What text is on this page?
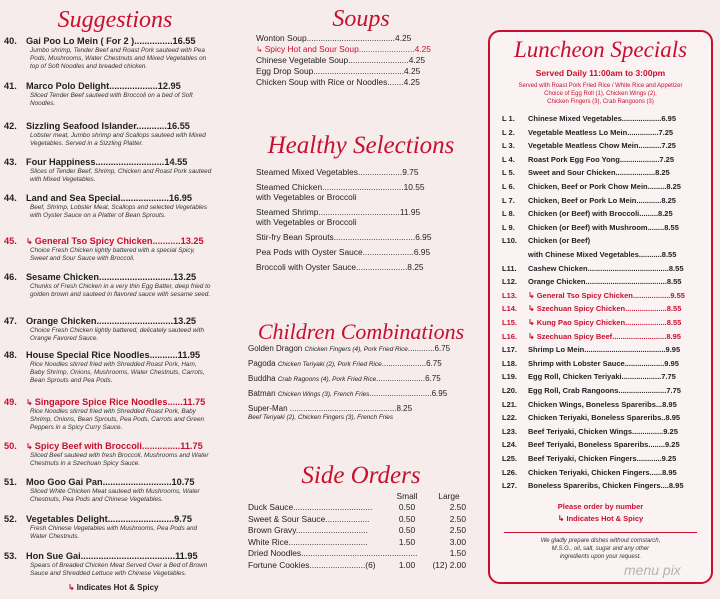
Suggestions
40. Gai Poo Lo Mein ( For 2 )...............16.55
Jumbo shrimp, Tender Beef and Roast Pork sauteed with Pea Pods, Mushrooms, Water Chestnuts and Mixed Vegetables on top of Soft Noodles and breaded chicken.
41. Marco Polo Delight...................12.95
Sliced Tender Beef sauteed with Broccoli on a bed of Soft Noodles.
42. Sizzling Seafood Islander............16.55
Lobster meat, Jumbo shrimp and Scallops sauteed with Mixed Vegetables. Served in a Sizzling Platter.
43. Four Happiness...........................14.55
Slices of Tender Beef, Shrimp, Chicken and Roast Pork sauteed with Mixed Vegetables.
44. Land and Sea Special...................16.95
Beef, Shrimp, Lobster Meat, Scallops and selected Vegetables with Oyster Sauce on a Platter of Bean Sprouts.
45. ↳ General Tso Spicy Chicken...........13.25
Choice Fresh Chicken lightly battered with a special Spicy, Sweet and Sour Sauce with Broccoli.
46. Sesame Chicken.............................13.25
Chunks of Fresh Chicken in a very thin Egg Batter, deep fried to golden brown and sauteed in flavored sauce with sesame seed.
47. Orange Chicken..............................13.25
Choice Fresh Chicken lightly battered, delicately sauteed with Orange Favored Sauce.
48. House Special Rice Noodles...........11.95
Rice Noodles stirred fried with Shredded Roast Pork, Ham, Baby Shrimp, Onions, Mushrooms, Water Chestnuts, Carrots, Bean Sprouts and Pea Pods.
49. ↳ Singapore Spice Rice Noodles......11.75
Rice Noodles stirred fried with Shredded Roast Pork, Baby Shrimp, Onions, Bean Sprouts, Pea Pods, Carrots and Green Peppers in a Spicy Curry Sauce.
50. ↳ Spicy Beef with Broccoli...............11.75
Sliced Beef sauteed with fresh Broccoli, Mushrooms and Water Chestnuts in a Szechuan Spicy Sauce.
51. Moo Goo Gai Pan...........................10.75
Sliced White Chicken Meat sauteed with Mushrooms, Water Chestnuts, Pea Pods and Chinese Vegetables.
52. Vegetables Delight..........................9.75
Fresh Chinese Vegetables with Mushrooms, Pea Pods and Water Chestnuts.
53. Hon Sue Gai.....................................11.95
Spears of Breaded Chicken Meat Served Over a Bed of Brown Sauce and Shredded Lettuce with Chinese Vegetables.
↳ Indicates Hot & Spicy
Soups
Wonton Soup......................................4.25
↳ Spicy Hot and Sour Soup........................4.25
Chinese Vegetable Soup..........................4.25
Egg Drop Soup.......................................4.25
Chicken Soup with Rice or Noodles.......4.25
Healthy Selections
Steamed Mixed Vegetables...................9.75
Steamed Chicken...................................10.55
with Vegetables or Broccoli
Steamed Shrimp...................................11.95
with Vegetables or Broccoli
Stir-fry Bean Sprouts...................................6.95
Pea Pods with Oyster Sauce......................6.95
Broccoli with Oyster Sauce......................8.25
Children Combinations
Golden Dragon Chicken Fingers (4), Pork Fried Rice............6.75
Pagoda Chicken Teriyaki (2), Pork Fried Rice....................6.75
Buddha Crab Ragoons (4), Pork Fried Rice......................6.75
Batman Chicken Wings (3), French Fries............................6.95
Super-Man ................................................8.25
Beef Teriyaki (2), Chicken Fingers (3), French Fries
Side Orders
Small	Large
Duck Sauce..................................	0.50	2.50
Sweet & Sour Sauce...................	0.50	2.50
Brown Gravy...............................	0.50	2.50
White Rice..................................	1.50	3.00
Dried Noodles..................................................	1.50
Fortune Cookies........................(6)	1.00	(12) 2.00
Luncheon Specials
Served Daily 11:00am to 3:00pm
Served with Roast Pork Fried Rice / White Rice and Appetizer
Choice of Egg Roll (1), Chicken Wings (2),
Chicken Fingers (3), Crab Rangoons (3)
L 1. Chinese Mixed Vegetables...................6.95
L 2. Vegetable Meatless Lo Mein...............7.25
L 3. Vegetable Meatless Chow Mein...........7.25
L 4. Roast Pork Egg Foo Yong...................7.25
L 5. Sweet and Sour Chicken...................8.25
L 6. Chicken, Beef or Pork Chow Mein.........8.25
L 7. Chicken, Beef or Pork Lo Mein............8.25
L 8. Chicken (or Beef) with Broccoli.........8.25
L 9. Chicken (or Beef) with Mushroom........8.55
L10. Chicken (or Beef)
with Chinese Mixed Vegetables...........8.55
L11. Cashew Chicken.......................................8.55
L12. Orange Chicken.......................................8.55
L13. ↳ General Tso Spicy Chicken..................9.55
L14. ↳ Szechuan Spicy Chicken....................8.55
L15. ↳ Kung Pao Spicy Chicken....................8.55
L16. ↳ Szechuan Spicy Beef..........................8.95
L17. Shrimp Lo Mein.......................................9.95
L18. Shrimp with Lobster Sauce...................9.95
L19. Egg Roll, Chicken Teriyaki...................7.75
L20. Egg Roll, Crab Rangoons.......................7.75
L21. Chicken Wings, Boneless Spareribs...8.95
L22. Chicken Teriyaki, Boneless Spareribs..8.95
L23. Beef Teriyaki, Chicken Wings...............9.25
L24. Beef Teriyaki, Boneless Spareribs........9.25
L25. Beef Teriyaki, Chicken Fingers............9.25
L26. Chicken Teriyaki, Chicken Fingers......8.95
L27. Boneless Spareribs, Chicken Fingers....8.95
Please order by number
↳ Indicates Hot & Spicy
We gladly prepare dishes without cornstarch,
M.S.G., oil, salt, sugar and any other
ingredients upon your request.
menu pix
